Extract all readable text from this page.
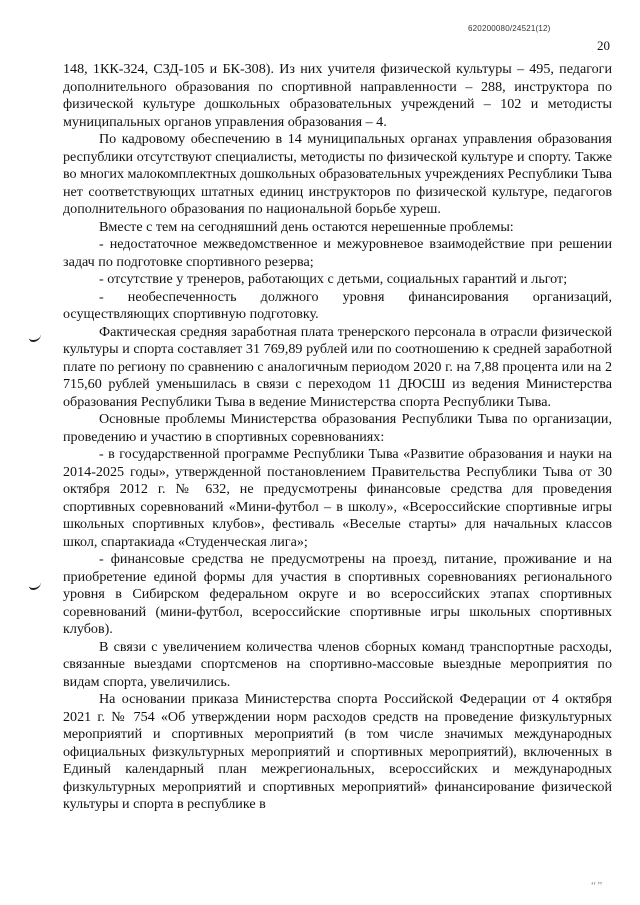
620200080/24521(12)
20

148, 1КК-324, СЗД-105 и БК-308). Из них учителя физической культуры – 495, педагоги дополнительного образования по спортивной направленности – 288, инструктора по физической культуре дошкольных образовательных учреждений – 102 и методисты муниципальных органов управления образования – 4.

По кадровому обеспечению в 14 муниципальных органах управления образования республики отсутствуют специалисты, методисты по физической культуре и спорту. Также во многих малокомплектных дошкольных образовательных учреждениях Республики Тыва нет соответствующих штатных единиц инструкторов по физической культуре, педагогов дополнительного образования по национальной борьбе хуреш.

Вместе с тем на сегодняшний день остаются нерешенные проблемы:

- недостаточное межведомственное и межуровневое взаимодействие при решении задач по подготовке спортивного резерва;

- отсутствие у тренеров, работающих с детьми, социальных гарантий и льгот;

- необеспеченность должного уровня финансирования организаций, осуществляющих спортивную подготовку.

Фактическая средняя заработная плата тренерского персонала в отрасли физической культуры и спорта составляет 31 769,89 рублей или по соотношению к средней заработной плате по региону по сравнению с аналогичным периодом 2020 г. на 7,88 процента или на 2 715,60 рублей уменьшилась в связи с переходом 11 ДЮСШ из ведения Министерства образования Республики Тыва в ведение Министерства спорта Республики Тыва.

Основные проблемы Министерства образования Республики Тыва по организации, проведению и участию в спортивных соревнованиях:

- в государственной программе Республики Тыва «Развитие образования и науки на 2014-2025 годы», утвержденной постановлением Правительства Республики Тыва от 30 октября 2012 г. № 632, не предусмотрены финансовые средства для проведения спортивных соревнований «Мини-футбол – в школу», «Всероссийские спортивные игры школьных спортивных клубов», фестиваль «Веселые старты» для начальных классов школ, спартакиада «Студенческая лига»;

- финансовые средства не предусмотрены на проезд, питание, проживание и на приобретение единой формы для участия в спортивных соревнованиях регионального уровня в Сибирском федеральном округе и во всероссийских этапах спортивных соревнований (мини-футбол, всероссийские спортивные игры школьных спортивных клубов).

В связи с увеличением количества членов сборных команд транспортные расходы, связанные выездами спортсменов на спортивно-массовые выездные мероприятия по видам спорта, увеличились.

На основании приказа Министерства спорта Российской Федерации от 4 октября 2021 г. № 754 «Об утверждении норм расходов средств на проведение физкультурных мероприятий и спортивных мероприятий (в том числе значимых международных официальных физкультурных мероприятий и спортивных мероприятий), включенных в Единый календарный план межрегиональных, всероссийских и международных физкультурных мероприятий и спортивных мероприятий» финансирование физической культуры и спорта в республике в

“”
